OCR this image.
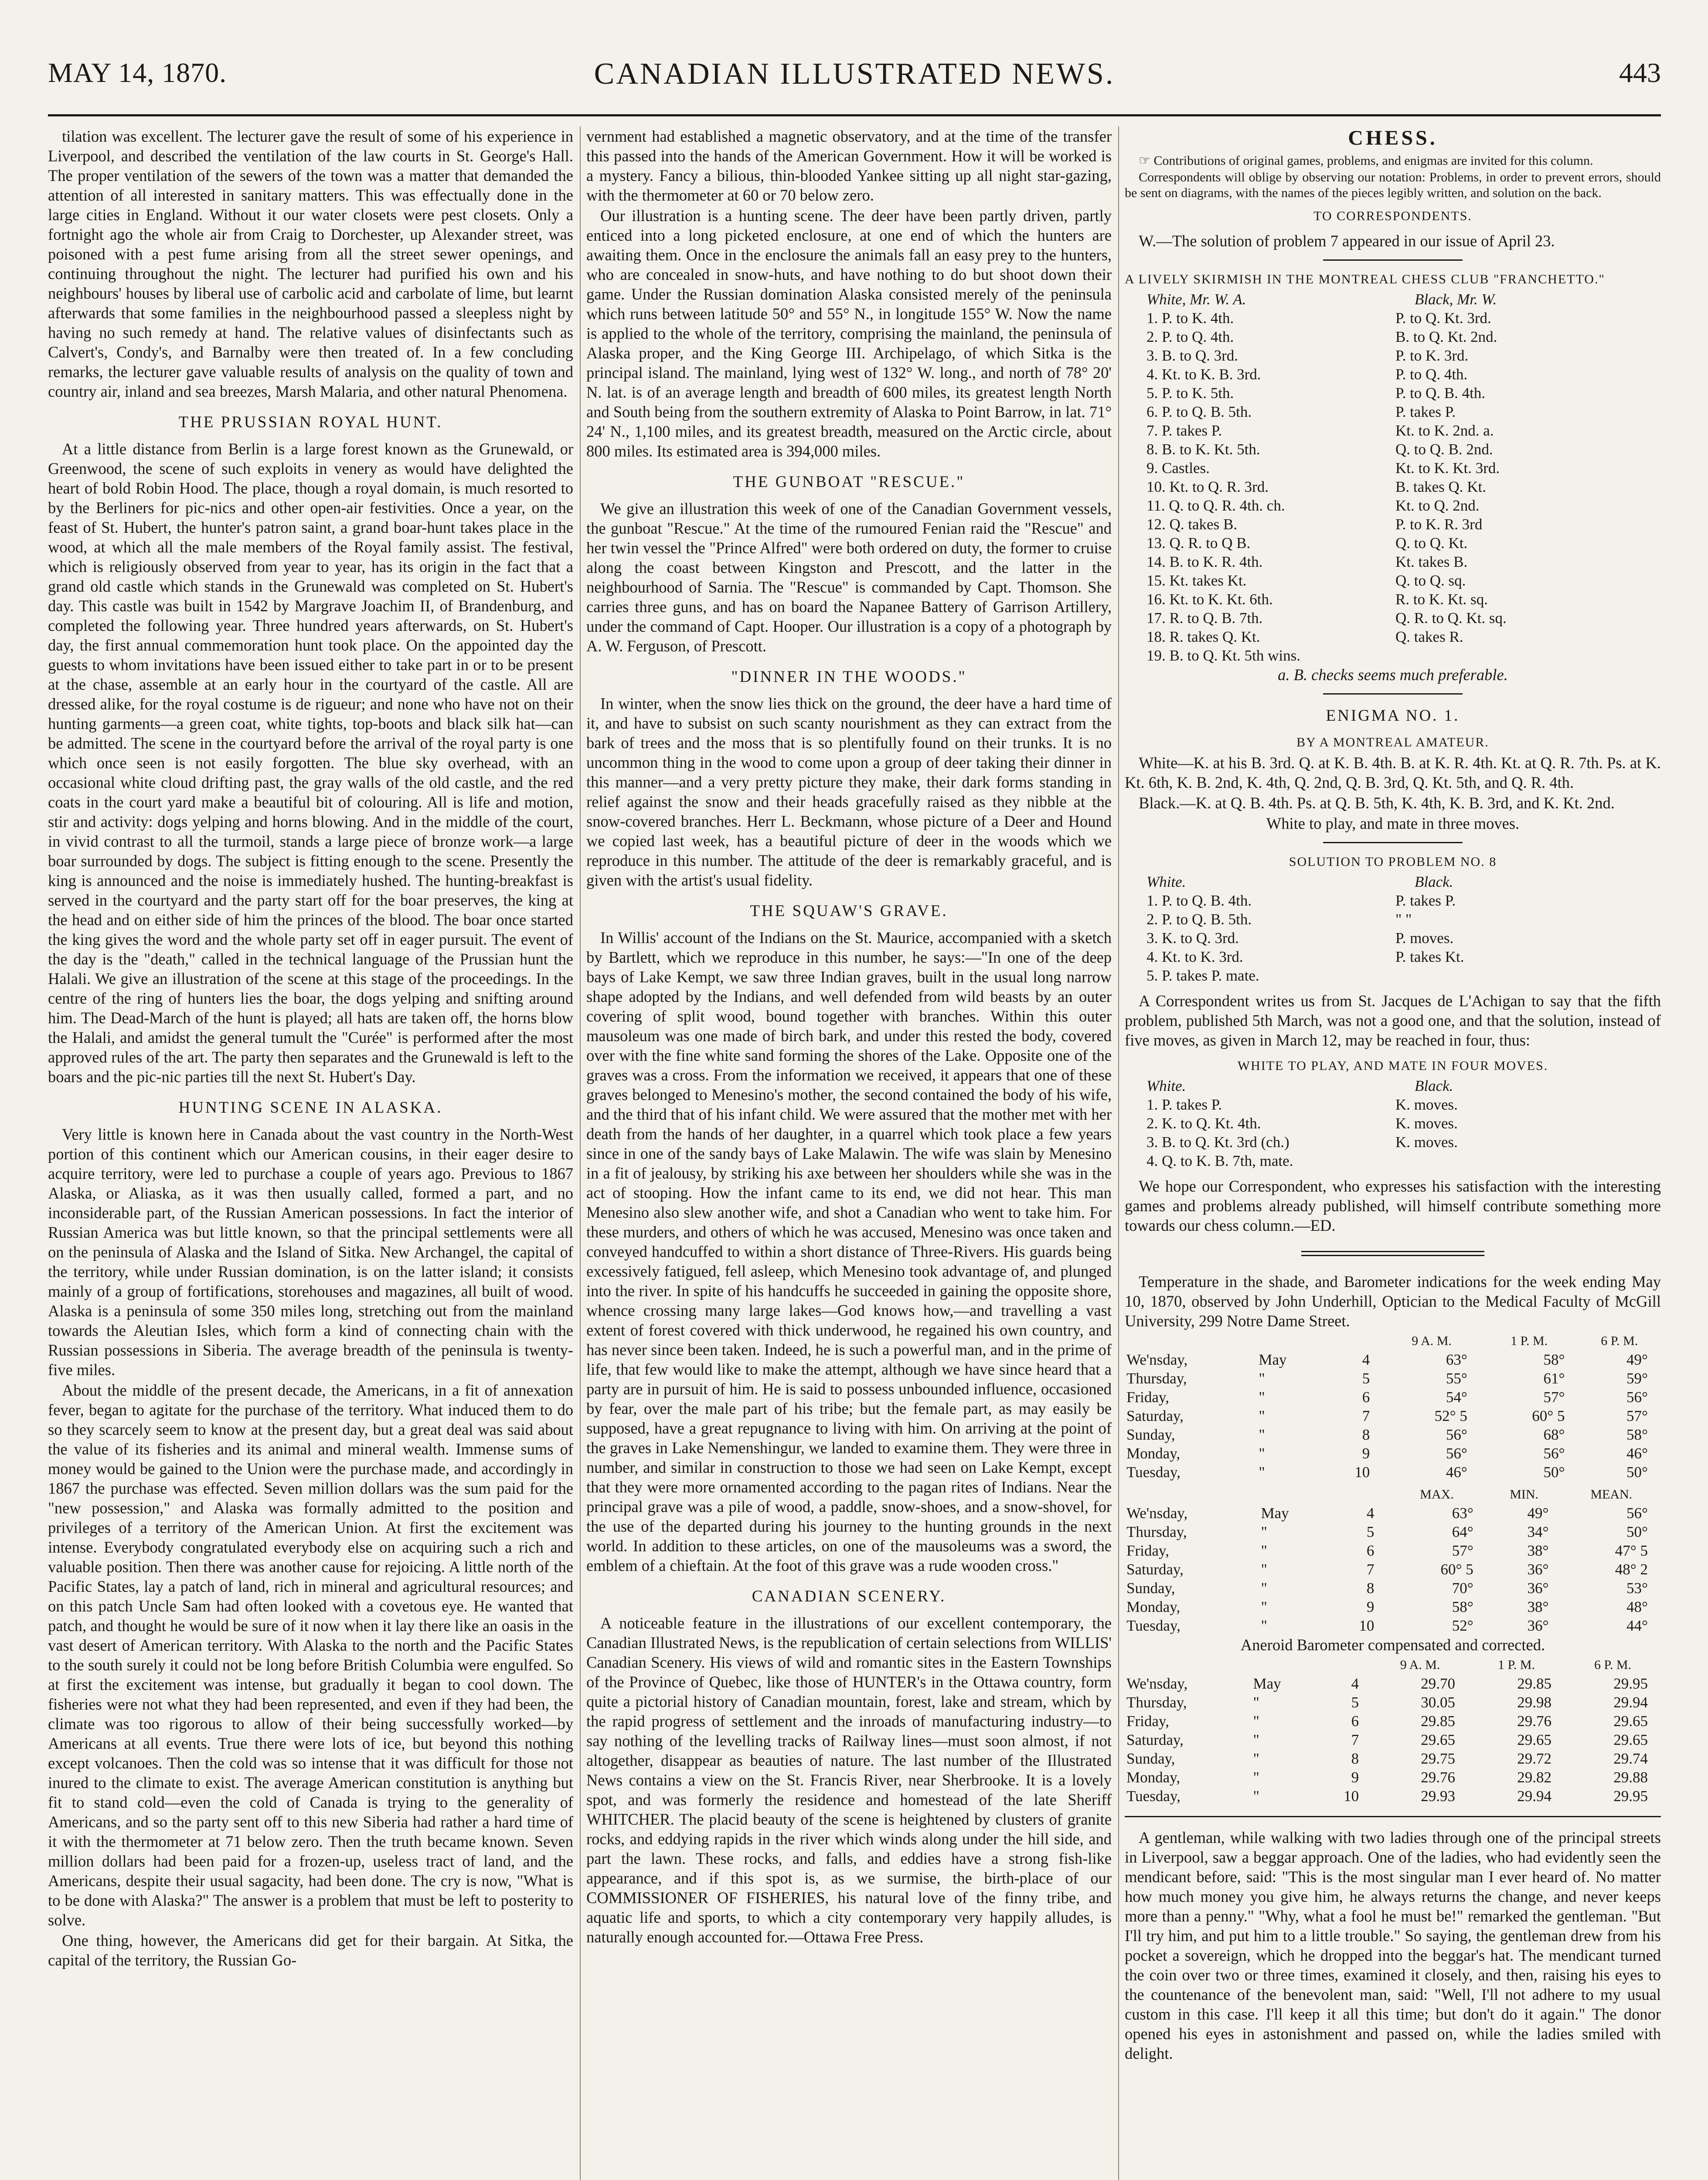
MAY 14, 1870.	CANADIAN ILLUSTRATED NEWS.	443

tilation was excellent. The lecturer gave the result of some of his experience in Liverpool, and described the ventilation of the law courts in St. George's Hall. The proper ventilation of the sewers of the town was a matter that demanded the attention of all interested in sanitary matters. This was effectually done in the large cities in England. Without it our water closets were pest closets. Only a fortnight ago the whole air from Craig to Dorchester, up Alexander street, was poisoned with a pest fume arising from all the street sewer openings, and continuing throughout the night. The lecturer had purified his own and his neighbours' houses by liberal use of carbolic acid and carbolate of lime, but learnt afterwards that some families in the neighbourhood passed a sleepless night by having no such remedy at hand. The relative values of disinfectants such as Calvert's, Condy's, and Barnalby were then treated of. In a few concluding remarks, the lecturer gave valuable results of analysis on the quality of town and country air, inland and sea breezes, Marsh Malaria, and other natural Phenomena.

THE PRUSSIAN ROYAL HUNT.

At a little distance from Berlin is a large forest known as the Grunewald, or Greenwood, the scene of such exploits in venery as would have delighted the heart of bold Robin Hood. The place, though a royal domain, is much resorted to by the Berliners for pic-nics and other open-air festivities. Once a year, on the feast of St. Hubert, the hunter's patron saint, a grand boar-hunt takes place in the wood, at which all the male members of the Royal family assist. The festival, which is religiously observed from year to year, has its origin in the fact that a grand old castle which stands in the Grunewald was completed on St. Hubert's day. This castle was built in 1542 by Margrave Joachim II, of Brandenburg, and completed the following year. Three hundred years afterwards, on St. Hubert's day, the first annual commemoration hunt took place. On the appointed day the guests to whom invitations have been issued either to take part in or to be present at the chase, assemble at an early hour in the courtyard of the castle. All are dressed alike, for the royal costume is de rigueur; and none who have not on their hunting garments—a green coat, white tights, top-boots and black silk hat—can be admitted. The scene in the courtyard before the arrival of the royal party is one which once seen is not easily forgotten. The blue sky overhead, with an occasional white cloud drifting past, the gray walls of the old castle, and the red coats in the court yard make a beautiful bit of colouring. All is life and motion, stir and activity: dogs yelping and horns blowing. And in the middle of the court, in vivid contrast to all the turmoil, stands a large piece of bronze work—a large boar surrounded by dogs. The subject is fitting enough to the scene. Presently the king is announced and the noise is immediately hushed. The hunting-breakfast is served in the courtyard and the party start off for the boar preserves, the king at the head and on either side of him the princes of the blood. The boar once started the king gives the word and the whole party set off in eager pursuit. The event of the day is the "death," called in the technical language of the Prussian hunt the Halali. We give an illustration of the scene at this stage of the proceedings. In the centre of the ring of hunters lies the boar, the dogs yelping and snifting around him. The Dead-March of the hunt is played; all hats are taken off, the horns blow the Halali, and amidst the general tumult the "Curée" is performed after the most approved rules of the art. The party then separates and the Grunewald is left to the boars and the pic-nic parties till the next St. Hubert's Day.

HUNTING SCENE IN ALASKA.

Very little is known here in Canada about the vast country in the North-West portion of this continent which our American cousins, in their eager desire to acquire territory, were led to purchase a couple of years ago. Previous to 1867 Alaska, or Aliaska, as it was then usually called, formed a part, and no inconsiderable part, of the Russian American possessions. In fact the interior of Russian America was but little known, so that the principal settlements were all on the peninsula of Alaska and the Island of Sitka. New Archangel, the capital of the territory, while under Russian domination, is on the latter island; it consists mainly of a group of fortifications, storehouses and magazines, all built of wood. Alaska is a peninsula of some 350 miles long, stretching out from the mainland towards the Aleutian Isles, which form a kind of connecting chain with the Russian possessions in Siberia. The average breadth of the peninsula is twenty-five miles.

About the middle of the present decade, the Americans, in a fit of annexation fever, began to agitate for the purchase of the territory. What induced them to do so they scarcely seem to know at the present day, but a great deal was said about the value of its fisheries and its animal and mineral wealth. Immense sums of money would be gained to the Union were the purchase made, and accordingly in 1867 the purchase was effected. Seven million dollars was the sum paid for the "new possession," and Alaska was formally admitted to the position and privileges of a territory of the American Union. At first the excitement was intense. Everybody congratulated everybody else on acquiring such a rich and valuable position. Then there was another cause for rejoicing. A little north of the Pacific States, lay a patch of land, rich in mineral and agricultural resources; and on this patch Uncle Sam had often looked with a covetous eye. He wanted that patch, and thought he would be sure of it now when it lay there like an oasis in the vast desert of American territory. With Alaska to the north and the Pacific States to the south surely it could not be long before British Columbia were engulfed. So at first the excitement was intense, but gradually it began to cool down. The fisheries were not what they had been represented, and even if they had been, the climate was too rigorous to allow of their being successfully worked—by Americans at all events. True there were lots of ice, but beyond this nothing except volcanoes. Then the cold was so intense that it was difficult for those not inured to the climate to exist. The average American constitution is anything but fit to stand cold—even the cold of Canada is trying to the generality of Americans, and so the party sent off to this new Siberia had rather a hard time of it with the thermometer at 71 below zero. Then the truth became known. Seven million dollars had been paid for a frozen-up, useless tract of land, and the Americans, despite their usual sagacity, had been done. The cry is now, "What is to be done with Alaska?" The answer is a problem that must be left to posterity to solve.

One thing, however, the Americans did get for their bargain. At Sitka, the capital of the territory, the Russian Go-

vernment had established a magnetic observatory, and at the time of the transfer this passed into the hands of the American Government. How it will be worked is a mystery. Fancy a bilious, thin-blooded Yankee sitting up all night star-gazing, with the thermometer at 60 or 70 below zero.

Our illustration is a hunting scene. The deer have been partly driven, partly enticed into a long picketed enclosure, at one end of which the hunters are awaiting them. Once in the enclosure the animals fall an easy prey to the hunters, who are concealed in snow-huts, and have nothing to do but shoot down their game. Under the Russian domination Alaska consisted merely of the peninsula which runs between latitude 50° and 55° N., in longitude 155° W. Now the name is applied to the whole of the territory, comprising the mainland, the peninsula of Alaska proper, and the King George III. Archipelago, of which Sitka is the principal island. The mainland, lying west of 132° W. long., and north of 78° 20' N. lat. is of an average length and breadth of 600 miles, its greatest length North and South being from the southern extremity of Alaska to Point Barrow, in lat. 71° 24' N., 1,100 miles, and its greatest breadth, measured on the Arctic circle, about 800 miles. Its estimated area is 394,000 miles.

THE GUNBOAT "RESCUE."

We give an illustration this week of one of the Canadian Government vessels, the gunboat "Rescue." At the time of the rumoured Fenian raid the "Rescue" and her twin vessel the "Prince Alfred" were both ordered on duty, the former to cruise along the coast between Kingston and Prescott, and the latter in the neighbourhood of Sarnia. The "Rescue" is commanded by Capt. Thomson. She carries three guns, and has on board the Napanee Battery of Garrison Artillery, under the command of Capt. Hooper. Our illustration is a copy of a photograph by A. W. Ferguson, of Prescott.

"DINNER IN THE WOODS."

In winter, when the snow lies thick on the ground, the deer have a hard time of it, and have to subsist on such scanty nourishment as they can extract from the bark of trees and the moss that is so plentifully found on their trunks. It is no uncommon thing in the wood to come upon a group of deer taking their dinner in this manner—and a very pretty picture they make, their dark forms standing in relief against the snow and their heads gracefully raised as they nibble at the snow-covered branches. Herr L. Beckmann, whose picture of a Deer and Hound we copied last week, has a beautiful picture of deer in the woods which we reproduce in this number. The attitude of the deer is remarkably graceful, and is given with the artist's usual fidelity.

THE SQUAW'S GRAVE.

In Willis' account of the Indians on the St. Maurice, accompanied with a sketch by Bartlett, which we reproduce in this number, he says:—"In one of the deep bays of Lake Kempt, we saw three Indian graves, built in the usual long narrow shape adopted by the Indians, and well defended from wild beasts by an outer covering of split wood, bound together with branches. Within this outer mausoleum was one made of birch bark, and under this rested the body, covered over with the fine white sand forming the shores of the Lake. Opposite one of the graves was a cross. From the information we received, it appears that one of these graves belonged to Menesino's mother, the second contained the body of his wife, and the third that of his infant child. We were assured that the mother met with her death from the hands of her daughter, in a quarrel which took place a few years since in one of the sandy bays of Lake Malawin. The wife was slain by Menesino in a fit of jealousy, by striking his axe between her shoulders while she was in the act of stooping. How the infant came to its end, we did not hear. This man Menesino also slew another wife, and shot a Canadian who went to take him. For these murders, and others of which he was accused, Menesino was once taken and conveyed handcuffed to within a short distance of Three-Rivers. His guards being excessively fatigued, fell asleep, which Menesino took advantage of, and plunged into the river. In spite of his handcuffs he succeeded in gaining the opposite shore, whence crossing many large lakes—God knows how,—and travelling a vast extent of forest covered with thick underwood, he regained his own country, and has never since been taken. Indeed, he is such a powerful man, and in the prime of life, that few would like to make the attempt, although we have since heard that a party are in pursuit of him. He is said to possess unbounded influence, occasioned by fear, over the male part of his tribe; but the female part, as may easily be supposed, have a great repugnance to living with him. On arriving at the point of the graves in Lake Nemenshingur, we landed to examine them. They were three in number, and similar in construction to those we had seen on Lake Kempt, except that they were more ornamented according to the pagan rites of Indians. Near the principal grave was a pile of wood, a paddle, snow-shoes, and a snow-shovel, for the use of the departed during his journey to the hunting grounds in the next world. In addition to these articles, on one of the mausoleums was a sword, the emblem of a chieftain. At the foot of this grave was a rude wooden cross."

CANADIAN SCENERY.

A noticeable feature in the illustrations of our excellent contemporary, the Canadian Illustrated News, is the republication of certain selections from WILLIS' Canadian Scenery. His views of wild and romantic sites in the Eastern Townships of the Province of Quebec, like those of HUNTER's in the Ottawa country, form quite a pictorial history of Canadian mountain, forest, lake and stream, which by the rapid progress of settlement and the inroads of manufacturing industry—to say nothing of the levelling tracks of Railway lines—must soon almost, if not altogether, disappear as beauties of nature. The last number of the Illustrated News contains a view on the St. Francis River, near Sherbrooke. It is a lovely spot, and was formerly the residence and homestead of the late Sheriff WHITCHER. The placid beauty of the scene is heightened by clusters of granite rocks, and eddying rapids in the river which winds along under the hill side, and part the lawn. These rocks, and falls, and eddies have a strong fish-like appearance, and if this spot is, as we surmise, the birth-place of our COMMISSIONER OF FISHERIES, his natural love of the finny tribe, and aquatic life and sports, to which a city contemporary very happily alludes, is naturally enough accounted for.—Ottawa Free Press.

CHESS.

☞ Contributions of original games, problems, and enigmas are invited for this column.

Correspondents will oblige by observing our notation: Problems, in order to prevent errors, should be sent on diagrams, with the names of the pieces legibly written, and solution on the back.

TO CORRESPONDENTS.

W.—The solution of problem 7 appeared in our issue of April 23.

A LIVELY SKIRMISH IN THE MONTREAL CHESS CLUB "FRANCHETTO."

White, Mr. W. A.	Black, Mr. W.
1. P. to K. 4th.	P. to Q. Kt. 3rd.
2. P. to Q. 4th.	B. to Q. Kt. 2nd.
3. B. to Q. 3rd.	P. to K. 3rd.
4. Kt. to K. B. 3rd.	P. to Q. 4th.
5. P. to K. 5th.	P. to Q. B. 4th.
6. P. to Q. B. 5th.	P. takes P.
7. P. takes P.	Kt. to K. 2nd. a.
8. B. to K. Kt. 5th.	Q. to Q. B. 2nd.
9. Castles.	Kt. to K. Kt. 3rd.
10. Kt. to Q. R. 3rd.	B. takes Q. Kt.
11. Q. to Q. R. 4th. ch.	Kt. to Q. 2nd.
12. Q. takes B.	P. to K. R. 3rd
13. Q. R. to Q B.	Q. to Q. Kt.
14. B. to K. R. 4th.	Kt. takes B.
15. Kt. takes Kt.	Q. to Q. sq.
16. Kt. to K. Kt. 6th.	R. to K. Kt. sq.
17. R. to Q. B. 7th.	Q. R. to Q. Kt. sq.
18. R. takes Q. Kt.	Q. takes R.
19. B. to Q. Kt. 5th wins.	

a. B. checks seems much preferable.

ENIGMA NO. 1.

BY A MONTREAL AMATEUR.

White—K. at his B. 3rd. Q. at K. B. 4th. B. at K. R. 4th. Kt. at Q. R. 7th. Ps. at K. Kt. 6th, K. B. 2nd, K. 4th, Q. 2nd, Q. B. 3rd, Q. Kt. 5th, and Q. R. 4th.

Black.—K. at Q. B. 4th. Ps. at Q. B. 5th, K. 4th, K. B. 3rd, and K. Kt. 2nd.

White to play, and mate in three moves.

SOLUTION TO PROBLEM NO. 8

White.	Black.
1. P. to Q. B. 4th.	P. takes P.
2. P. to Q. B. 5th.	" "
3. K. to Q. 3rd.	P. moves.
4. Kt. to K. 3rd.	P. takes Kt.
5. P. takes P. mate.	

A Correspondent writes us from St. Jacques de L'Achigan to say that the fifth problem, published 5th March, was not a good one, and that the solution, instead of five moves, as given in March 12, may be reached in four, thus:

WHITE TO PLAY, AND MATE IN FOUR MOVES.

White.	Black.
1. P. takes P.	K. moves.
2. K. to Q. Kt. 4th.	K. moves.
3. B. to Q. Kt. 3rd (ch.)	K. moves.
4. Q. to K. B. 7th, mate.	

We hope our Correspondent, who expresses his satisfaction with the interesting games and problems already published, will himself contribute something more towards our chess column.—ED.

Temperature in the shade, and Barometer indications for the week ending May 10, 1870, observed by John Underhill, Optician to the Medical Faculty of McGill University, 299 Notre Dame Street.

			9 A. M.	1 P. M.	6 P. M.
We'nsday,	May	4	63°	58°	49°
Thursday,	"	5	55°	61°	59°
Friday,	"	6	54°	57°	56°
Saturday,	"	7	52° 5	60° 5	57°
Sunday,	"	8	56°	68°	58°
Monday,	"	9	56°	56°	46°
Tuesday,	"	10	46°	50°	50°
			MAX.	MIN.	MEAN.
We'nsday,	May	4	63°	49°	56°
Thursday,	"	5	64°	34°	50°
Friday,	"	6	57°	38°	47° 5
Saturday,	"	7	60° 5	36°	48° 2
Sunday,	"	8	70°	36°	53°
Monday,	"	9	58°	38°	48°
Tuesday,	"	10	52°	36°	44°

Aneroid Barometer compensated and corrected.

			9 A. M.	1 P. M.	6 P. M.
We'nsday,	May	4	29.70	29.85	29.95
Thursday,	"	5	30.05	29.98	29.94
Friday,	"	6	29.85	29.76	29.65
Saturday,	"	7	29.65	29.65	29.65
Sunday,	"	8	29.75	29.72	29.74
Monday,	"	9	29.76	29.82	29.88
Tuesday,	"	10	29.93	29.94	29.95

A gentleman, while walking with two ladies through one of the principal streets in Liverpool, saw a beggar approach. One of the ladies, who had evidently seen the mendicant before, said: "This is the most singular man I ever heard of. No matter how much money you give him, he always returns the change, and never keeps more than a penny." "Why, what a fool he must be!" remarked the gentleman. "But I'll try him, and put him to a little trouble." So saying, the gentleman drew from his pocket a sovereign, which he dropped into the beggar's hat. The mendicant turned the coin over two or three times, examined it closely, and then, raising his eyes to the countenance of the benevolent man, said: "Well, I'll not adhere to my usual custom in this case. I'll keep it all this time; but don't do it again." The donor opened his eyes in astonishment and passed on, while the ladies smiled with delight.
